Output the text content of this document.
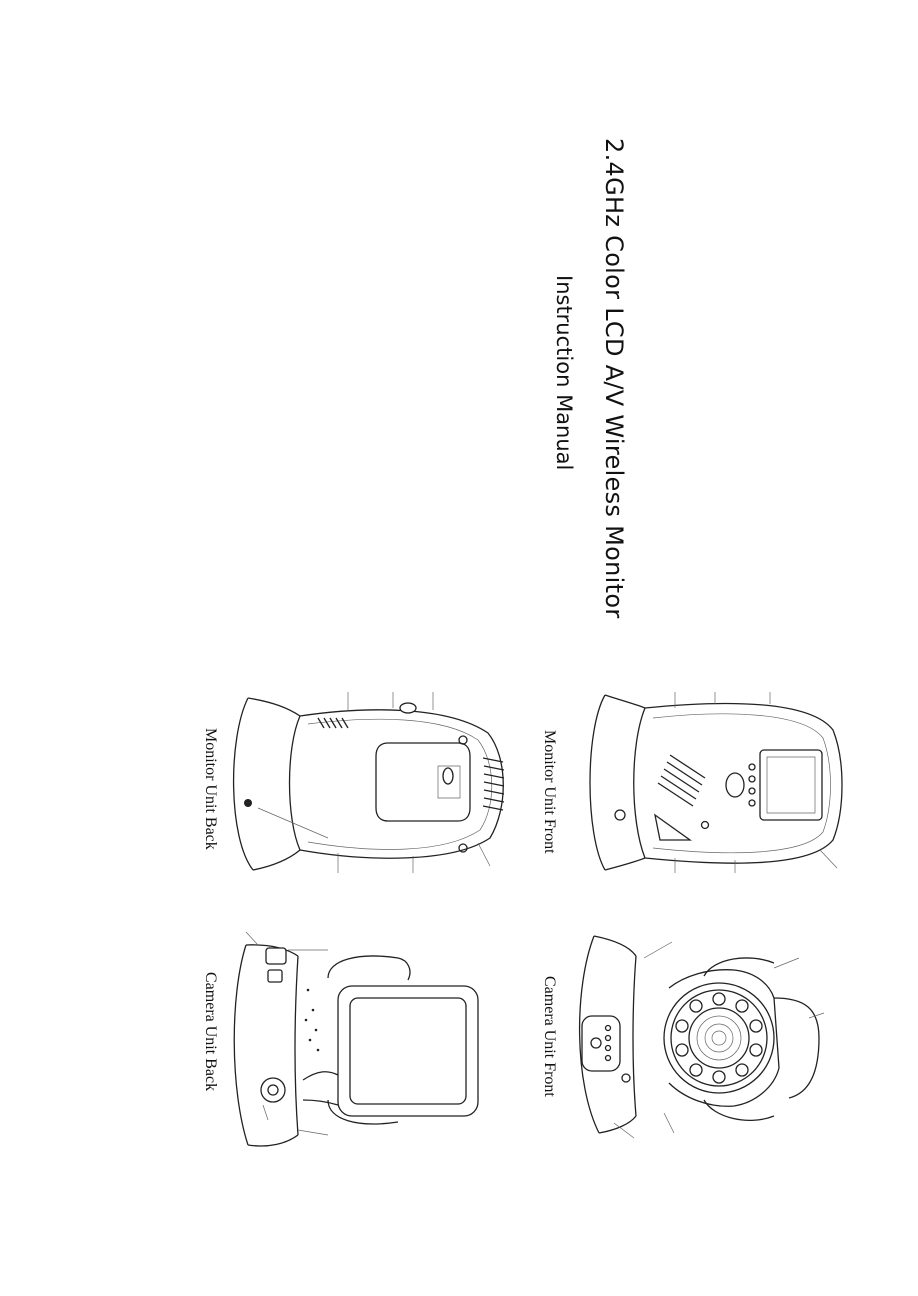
2.4GHz Color LCD A/V Wireless Monitor
Instruction Manual
Monitor Unit Front
Monitor Unit Back
Camera Unit Front
Camera Unit Back
